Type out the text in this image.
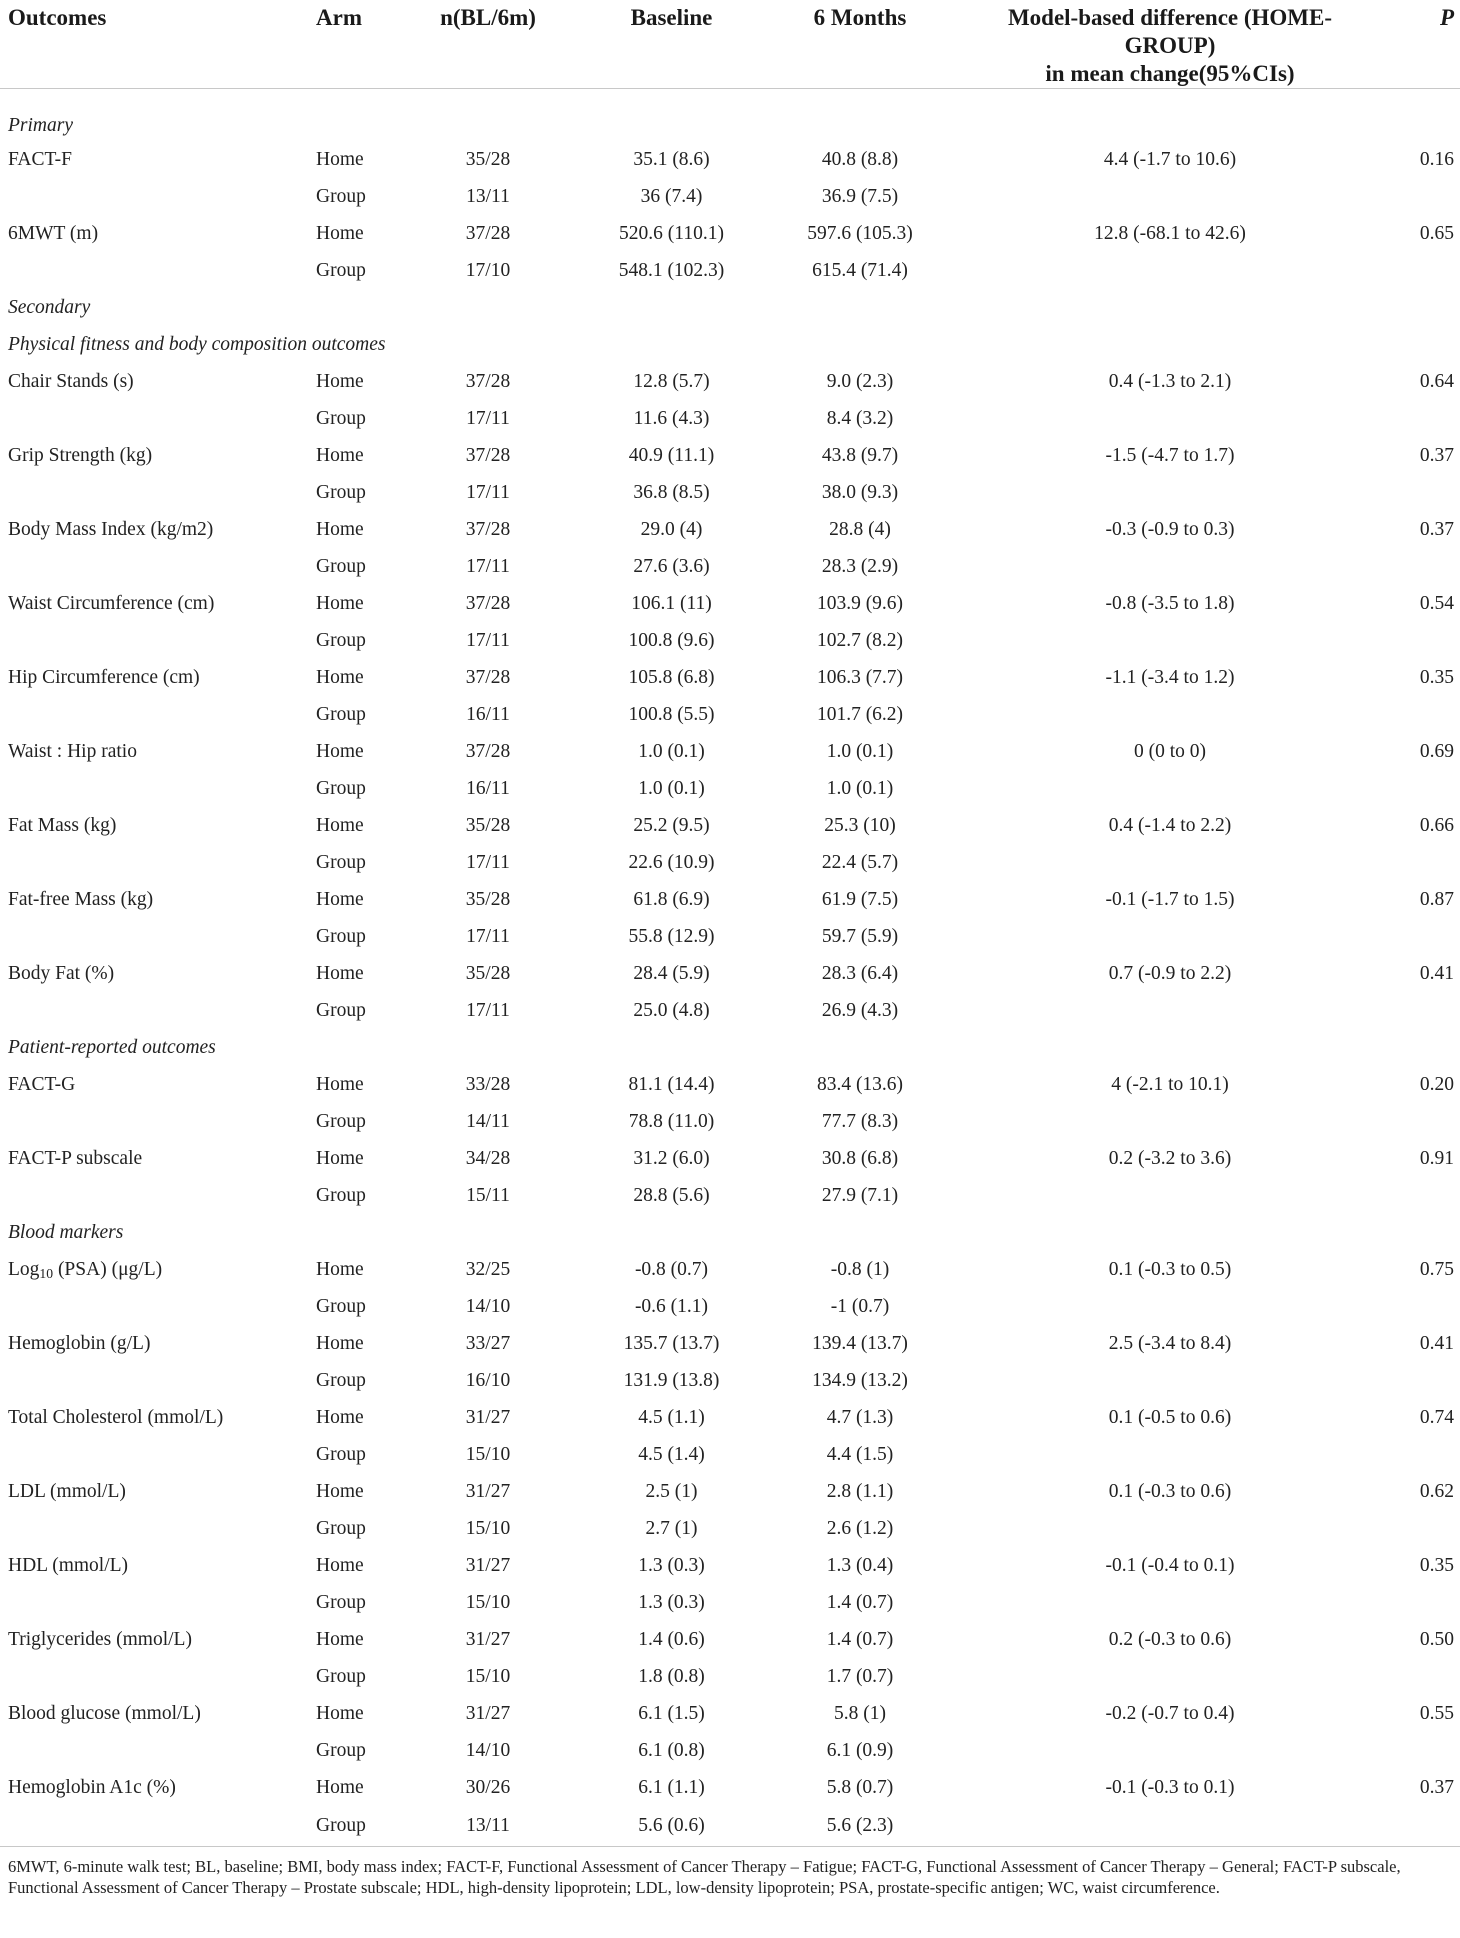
Outcomes	Arm	n(BL/6m)	Baseline	6 Months	Model-based difference (HOME-GROUP)
in mean change(95%CIs)	P
Primary						
FACT-F	Home	35/28	35.1 (8.6)	40.8 (8.8)	4.4 (-1.7 to 10.6)	0.16
	Group	13/11	36 (7.4)	36.9 (7.5)		
6MWT (m)	Home	37/28	520.6 (110.1)	597.6 (105.3)	12.8 (-68.1 to 42.6)	0.65
	Group	17/10	548.1 (102.3)	615.4 (71.4)		
Secondary						
Physical fitness and body composition outcomes						
Chair Stands (s)	Home	37/28	12.8 (5.7)	9.0 (2.3)	0.4 (-1.3 to 2.1)	0.64
	Group	17/11	11.6 (4.3)	8.4 (3.2)		
Grip Strength (kg)	Home	37/28	40.9 (11.1)	43.8 (9.7)	-1.5 (-4.7 to 1.7)	0.37
	Group	17/11	36.8 (8.5)	38.0 (9.3)		
Body Mass Index (kg/m2)	Home	37/28	29.0 (4)	28.8 (4)	-0.3 (-0.9 to 0.3)	0.37
	Group	17/11	27.6 (3.6)	28.3 (2.9)		
Waist Circumference (cm)	Home	37/28	106.1 (11)	103.9 (9.6)	-0.8 (-3.5 to 1.8)	0.54
	Group	17/11	100.8 (9.6)	102.7 (8.2)		
Hip Circumference (cm)	Home	37/28	105.8 (6.8)	106.3 (7.7)	-1.1 (-3.4 to 1.2)	0.35
	Group	16/11	100.8 (5.5)	101.7 (6.2)		
Waist : Hip ratio	Home	37/28	1.0 (0.1)	1.0 (0.1)	0 (0 to 0)	0.69
	Group	16/11	1.0 (0.1)	1.0 (0.1)		
Fat Mass (kg)	Home	35/28	25.2 (9.5)	25.3 (10)	0.4 (-1.4 to 2.2)	0.66
	Group	17/11	22.6 (10.9)	22.4 (5.7)		
Fat-free Mass (kg)	Home	35/28	61.8 (6.9)	61.9 (7.5)	-0.1 (-1.7 to 1.5)	0.87
	Group	17/11	55.8 (12.9)	59.7 (5.9)		
Body Fat (%)	Home	35/28	28.4 (5.9)	28.3 (6.4)	0.7 (-0.9 to 2.2)	0.41
	Group	17/11	25.0 (4.8)	26.9 (4.3)		
Patient-reported outcomes						
FACT-G	Home	33/28	81.1 (14.4)	83.4 (13.6)	4 (-2.1 to 10.1)	0.20
	Group	14/11	78.8 (11.0)	77.7 (8.3)		
FACT-P subscale	Home	34/28	31.2 (6.0)	30.8 (6.8)	0.2 (-3.2 to 3.6)	0.91
	Group	15/11	28.8 (5.6)	27.9 (7.1)		
Blood markers						
Log$_{10}$ (PSA) (μg/L)	Home	32/25	-0.8 (0.7)	-0.8 (1)	0.1 (-0.3 to 0.5)	0.75
	Group	14/10	-0.6 (1.1)	-1 (0.7)		
Hemoglobin (g/L)	Home	33/27	135.7 (13.7)	139.4 (13.7)	2.5 (-3.4 to 8.4)	0.41
	Group	16/10	131.9 (13.8)	134.9 (13.2)		
Total Cholesterol (mmol/L)	Home	31/27	4.5 (1.1)	4.7 (1.3)	0.1 (-0.5 to 0.6)	0.74
	Group	15/10	4.5 (1.4)	4.4 (1.5)		
LDL (mmol/L)	Home	31/27	2.5 (1)	2.8 (1.1)	0.1 (-0.3 to 0.6)	0.62
	Group	15/10	2.7 (1)	2.6 (1.2)		
HDL (mmol/L)	Home	31/27	1.3 (0.3)	1.3 (0.4)	-0.1 (-0.4 to 0.1)	0.35
	Group	15/10	1.3 (0.3)	1.4 (0.7)		
Triglycerides (mmol/L)	Home	31/27	1.4 (0.6)	1.4 (0.7)	0.2 (-0.3 to 0.6)	0.50
	Group	15/10	1.8 (0.8)	1.7 (0.7)		
Blood glucose (mmol/L)	Home	31/27	6.1 (1.5)	5.8 (1)	-0.2 (-0.7 to 0.4)	0.55
	Group	14/10	6.1 (0.8)	6.1 (0.9)		
Hemoglobin A1c (%)	Home	30/26	6.1 (1.1)	5.8 (0.7)	-0.1 (-0.3 to 0.1)	0.37
	Group	13/11	5.6 (0.6)	5.6 (2.3)		
6MWT, 6-minute walk test; BL, baseline; BMI, body mass index; FACT-F, Functional Assessment of Cancer Therapy – Fatigue; FACT-G, Functional Assessment of Cancer Therapy – General; FACT-P subscale, Functional Assessment of Cancer Therapy – Prostate subscale; HDL, high-density lipoprotein; LDL, low-density lipoprotein; PSA, prostate-specific antigen; WC, waist circumference.
